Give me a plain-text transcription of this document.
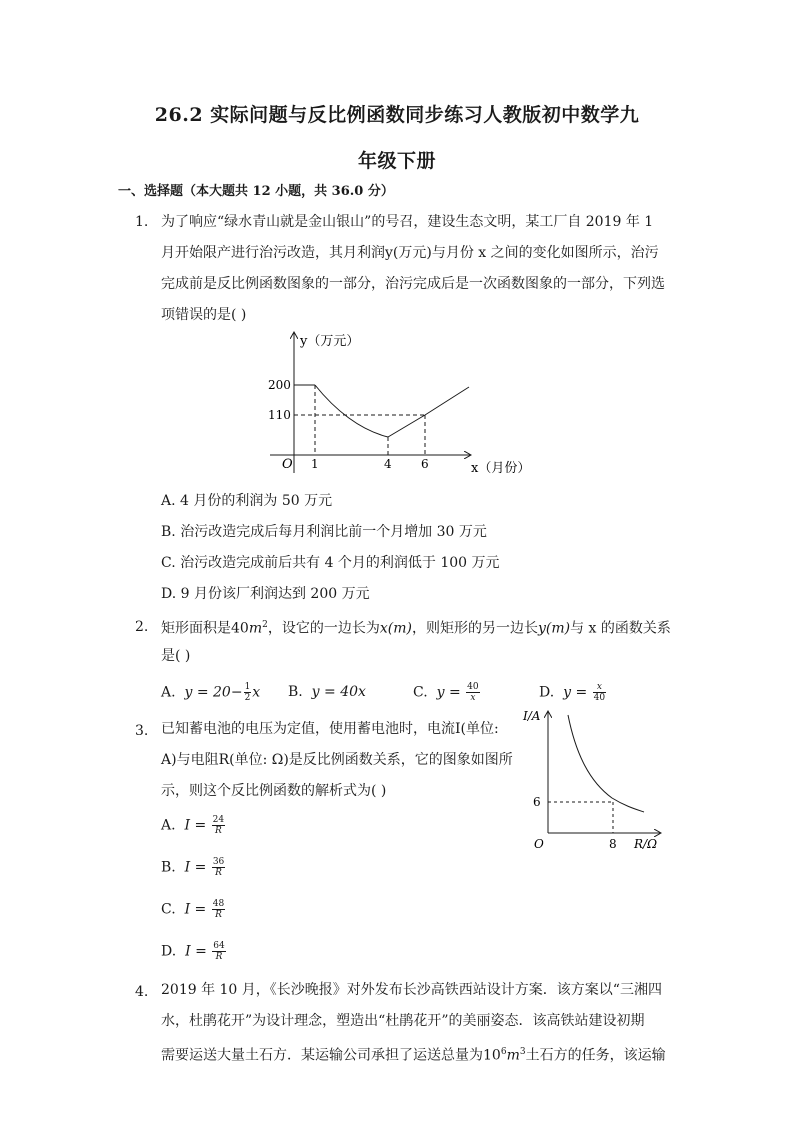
26.2 实际问题与反比例函数同步练习人教版初中数学九
年级下册
一、选择题（本大题共 12 小题，共 36.0 分）
1. 为了响应“绿水青山就是金山银山”的号召，建设生态文明，某工厂自 2019 年 1
月开始限产进行治污改造，其月利润y(万元)与月份 x 之间的变化如图所示，治污
完成前是反比例函数图象的一部分，治污完成后是一次函数图象的一部分，下列选
项错误的是( )
y（万元）
x（月份）
O
200
110
1	4 6
A. 4 月份的利润为 50 万元
B. 治污改造完成后每月利润比前一个月增加 30 万元
C. 治污改造完成前后共有 4 个月的利润低于 100 万元
D. 9 月份该厂利润达到 200 万元
2. 矩形面积是$40m^2$，设它的一边长为x(m)，则矩形的另一边长y(m)与 x 的函数关系
是( )
A. $y = 20- \frac{1}{2}$ x B. y = 40x	C. $y = \frac{40}{x}$	D. $y = \frac{x}{40}$
3. 已知蓄电池的电压为定值，使用蓄电池时，电流I(单位:
A)与电阻R(单位: Ω)是反比例函数关系，它的图象如图所
示，则这个反比例函数的解析式为( )
I/A
R/Ω
O
6
8
A. $I = \frac{24}{R}$
B. $I = \frac{36}{R}$
C. $I = \frac{48}{R}$
D. $I = \frac{64}{R}$
4. 2019 年 10 月，《长沙晚报》对外发布长沙高铁西站设计方案．该方案以“三湘四
水，杜鹃花开”为设计理念，塑造出“杜鹃花开”的美丽姿态．该高铁站建设初期
需要运送大量土石方．某运输公司承担了运送总量为$10^6m^3$土石方的任务，该运输
